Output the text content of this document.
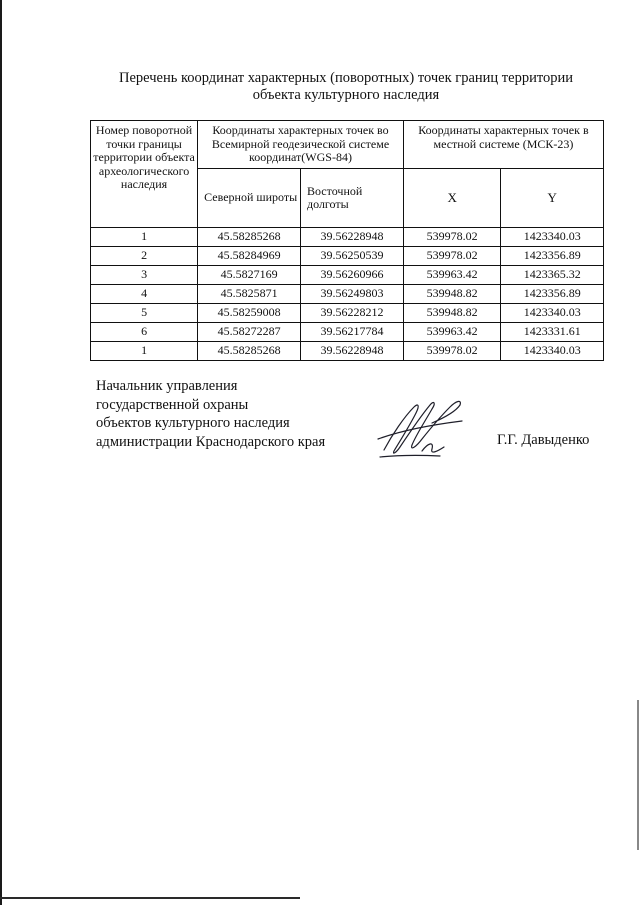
Перечень координат характерных (поворотных) точек границ территории
объекта культурного наследия
Номер поворотной точки границы территории объекта археологического наследия	Координаты характерных точек во Всемирной геодезической системе координат(WGS-84)		Координаты характерных точек в местной системе (МСК-23)	
	Северной широты	Восточной долготы	X	Y
1	45.58285268	39.56228948	539978.02	1423340.03
2	45.58284969	39.56250539	539978.02	1423356.89
3	45.5827169	39.56260966	539963.42	1423365.32
4	45.5825871	39.56249803	539948.82	1423356.89
5	45.58259008	39.56228212	539948.82	1423340.03
6	45.58272287	39.56217784	539963.42	1423331.61
1	45.58285268	39.56228948	539978.02	1423340.03
Начальник управления
государственной охраны
объектов культурного наследия
администрации Краснодарского края	Г.Г. Давыденко
